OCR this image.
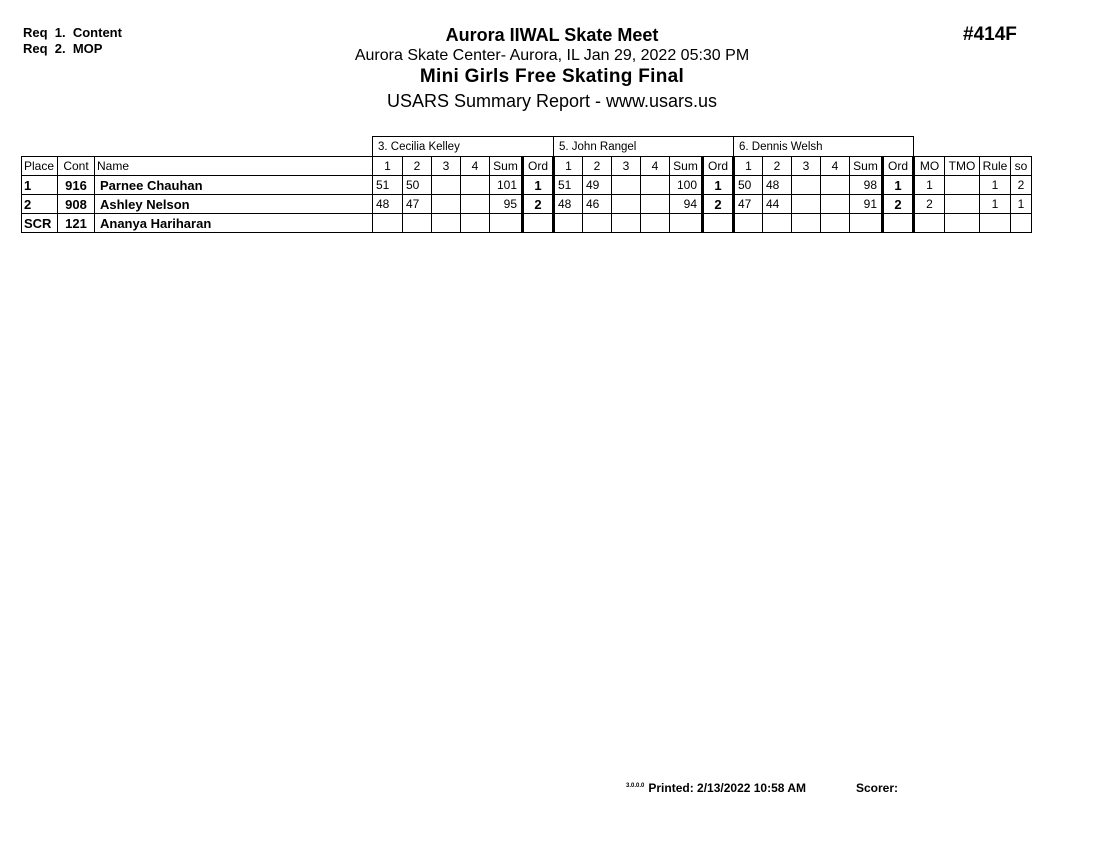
Req  1.  Content
Req  2.  MOP
Aurora IIWAL Skate Meet
Aurora Skate Center- Aurora, IL Jan 29, 2022 05:30 PM
Mini Girls Free Skating Final
USARS Summary Report - www.usars.us
#414F
			3. Cecilia Kelley						5. John Rangel						6. Dennis Welsh									
Place	Cont	Name	1	2	3	4	Sum	Ord	1	2	3	4	Sum	Ord	1	2	3	4	Sum	Ord	MO	TMO	Rule	so
1	916	Parnee Chauhan	51	50			101	1	51	49			100	1	50	48			98	1	1		1	2
2	908	Ashley Nelson	48	47			95	2	48	46			94	2	47	44			91	2	2		1	1
SCR	121	Ananya Hariharan																						
$^{3.0.0.0}$ Printed: 2/13/2022 10:58 AM	Scorer:
